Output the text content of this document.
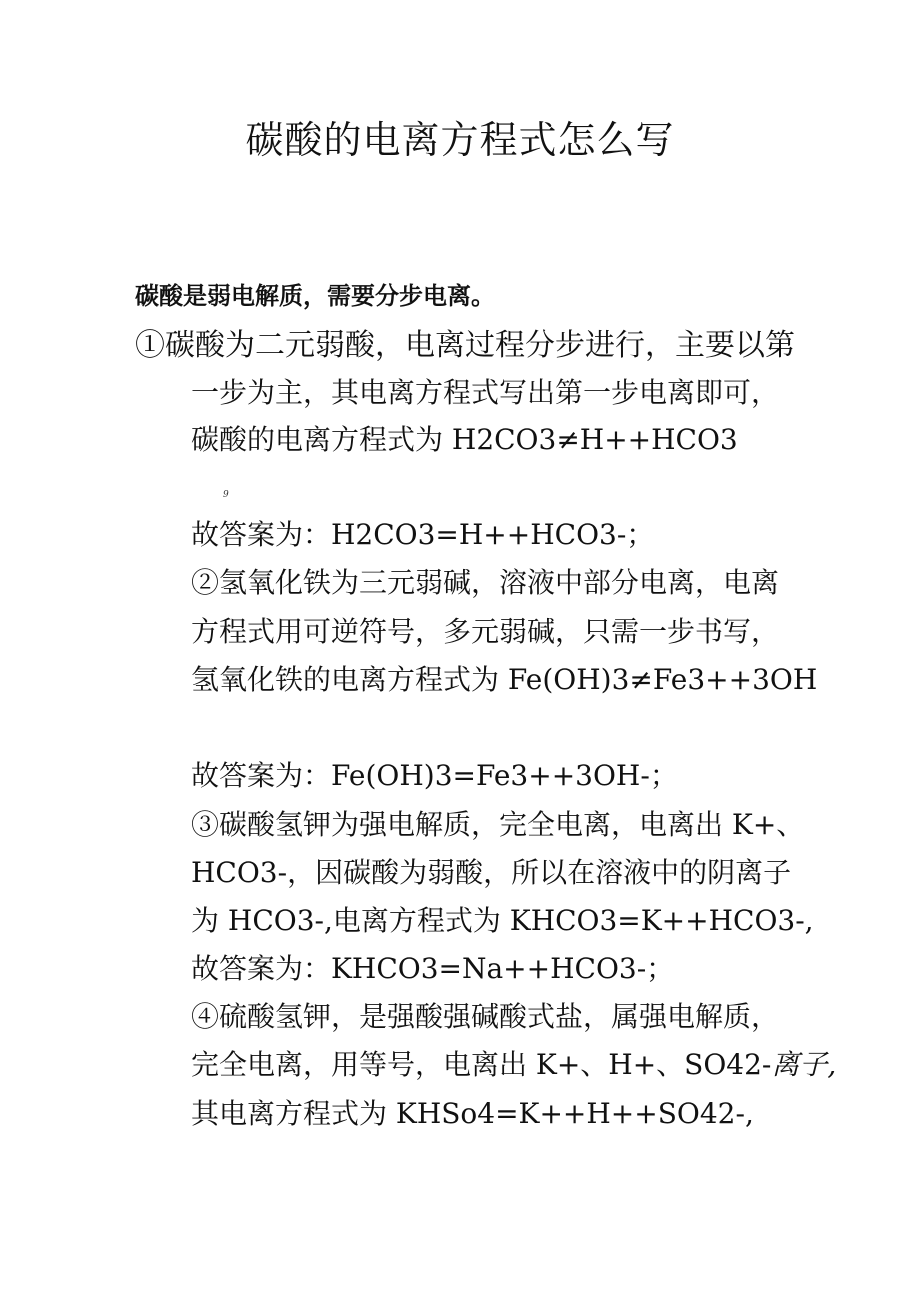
碳酸的电离方程式怎么写
碳酸是弱电解质，需要分步电离。
①碳酸为二元弱酸，电离过程分步进行，主要以第
一步为主，其电离方程式写出第一步电离即可，
碳酸的电离方程式为 H2CO3≠H++HCO3
9
故答案为：H2CO3=H++HCO3-；
②氢氧化铁为三元弱碱，溶液中部分电离，电离
方程式用可逆符号，多元弱碱，只需一步书写，
氢氧化铁的电离方程式为 Fe(OH)3≠Fe3++3OH
故答案为：Fe(OH)3=Fe3++3OH-；
③碳酸氢钾为强电解质，完全电离，电离出 K+、
HCO3-，因碳酸为弱酸，所以在溶液中的阴离子
为 HCO3-,电离方程式为 KHCO3=K++HCO3-,
故答案为：KHCO3=Na++HCO3-；
④硫酸氢钾，是强酸强碱酸式盐，属强电解质，
完全电离，用等号，电离出 K+、H+、SO42-离子,
其电离方程式为 KHSo4=K++H++SO42-,
